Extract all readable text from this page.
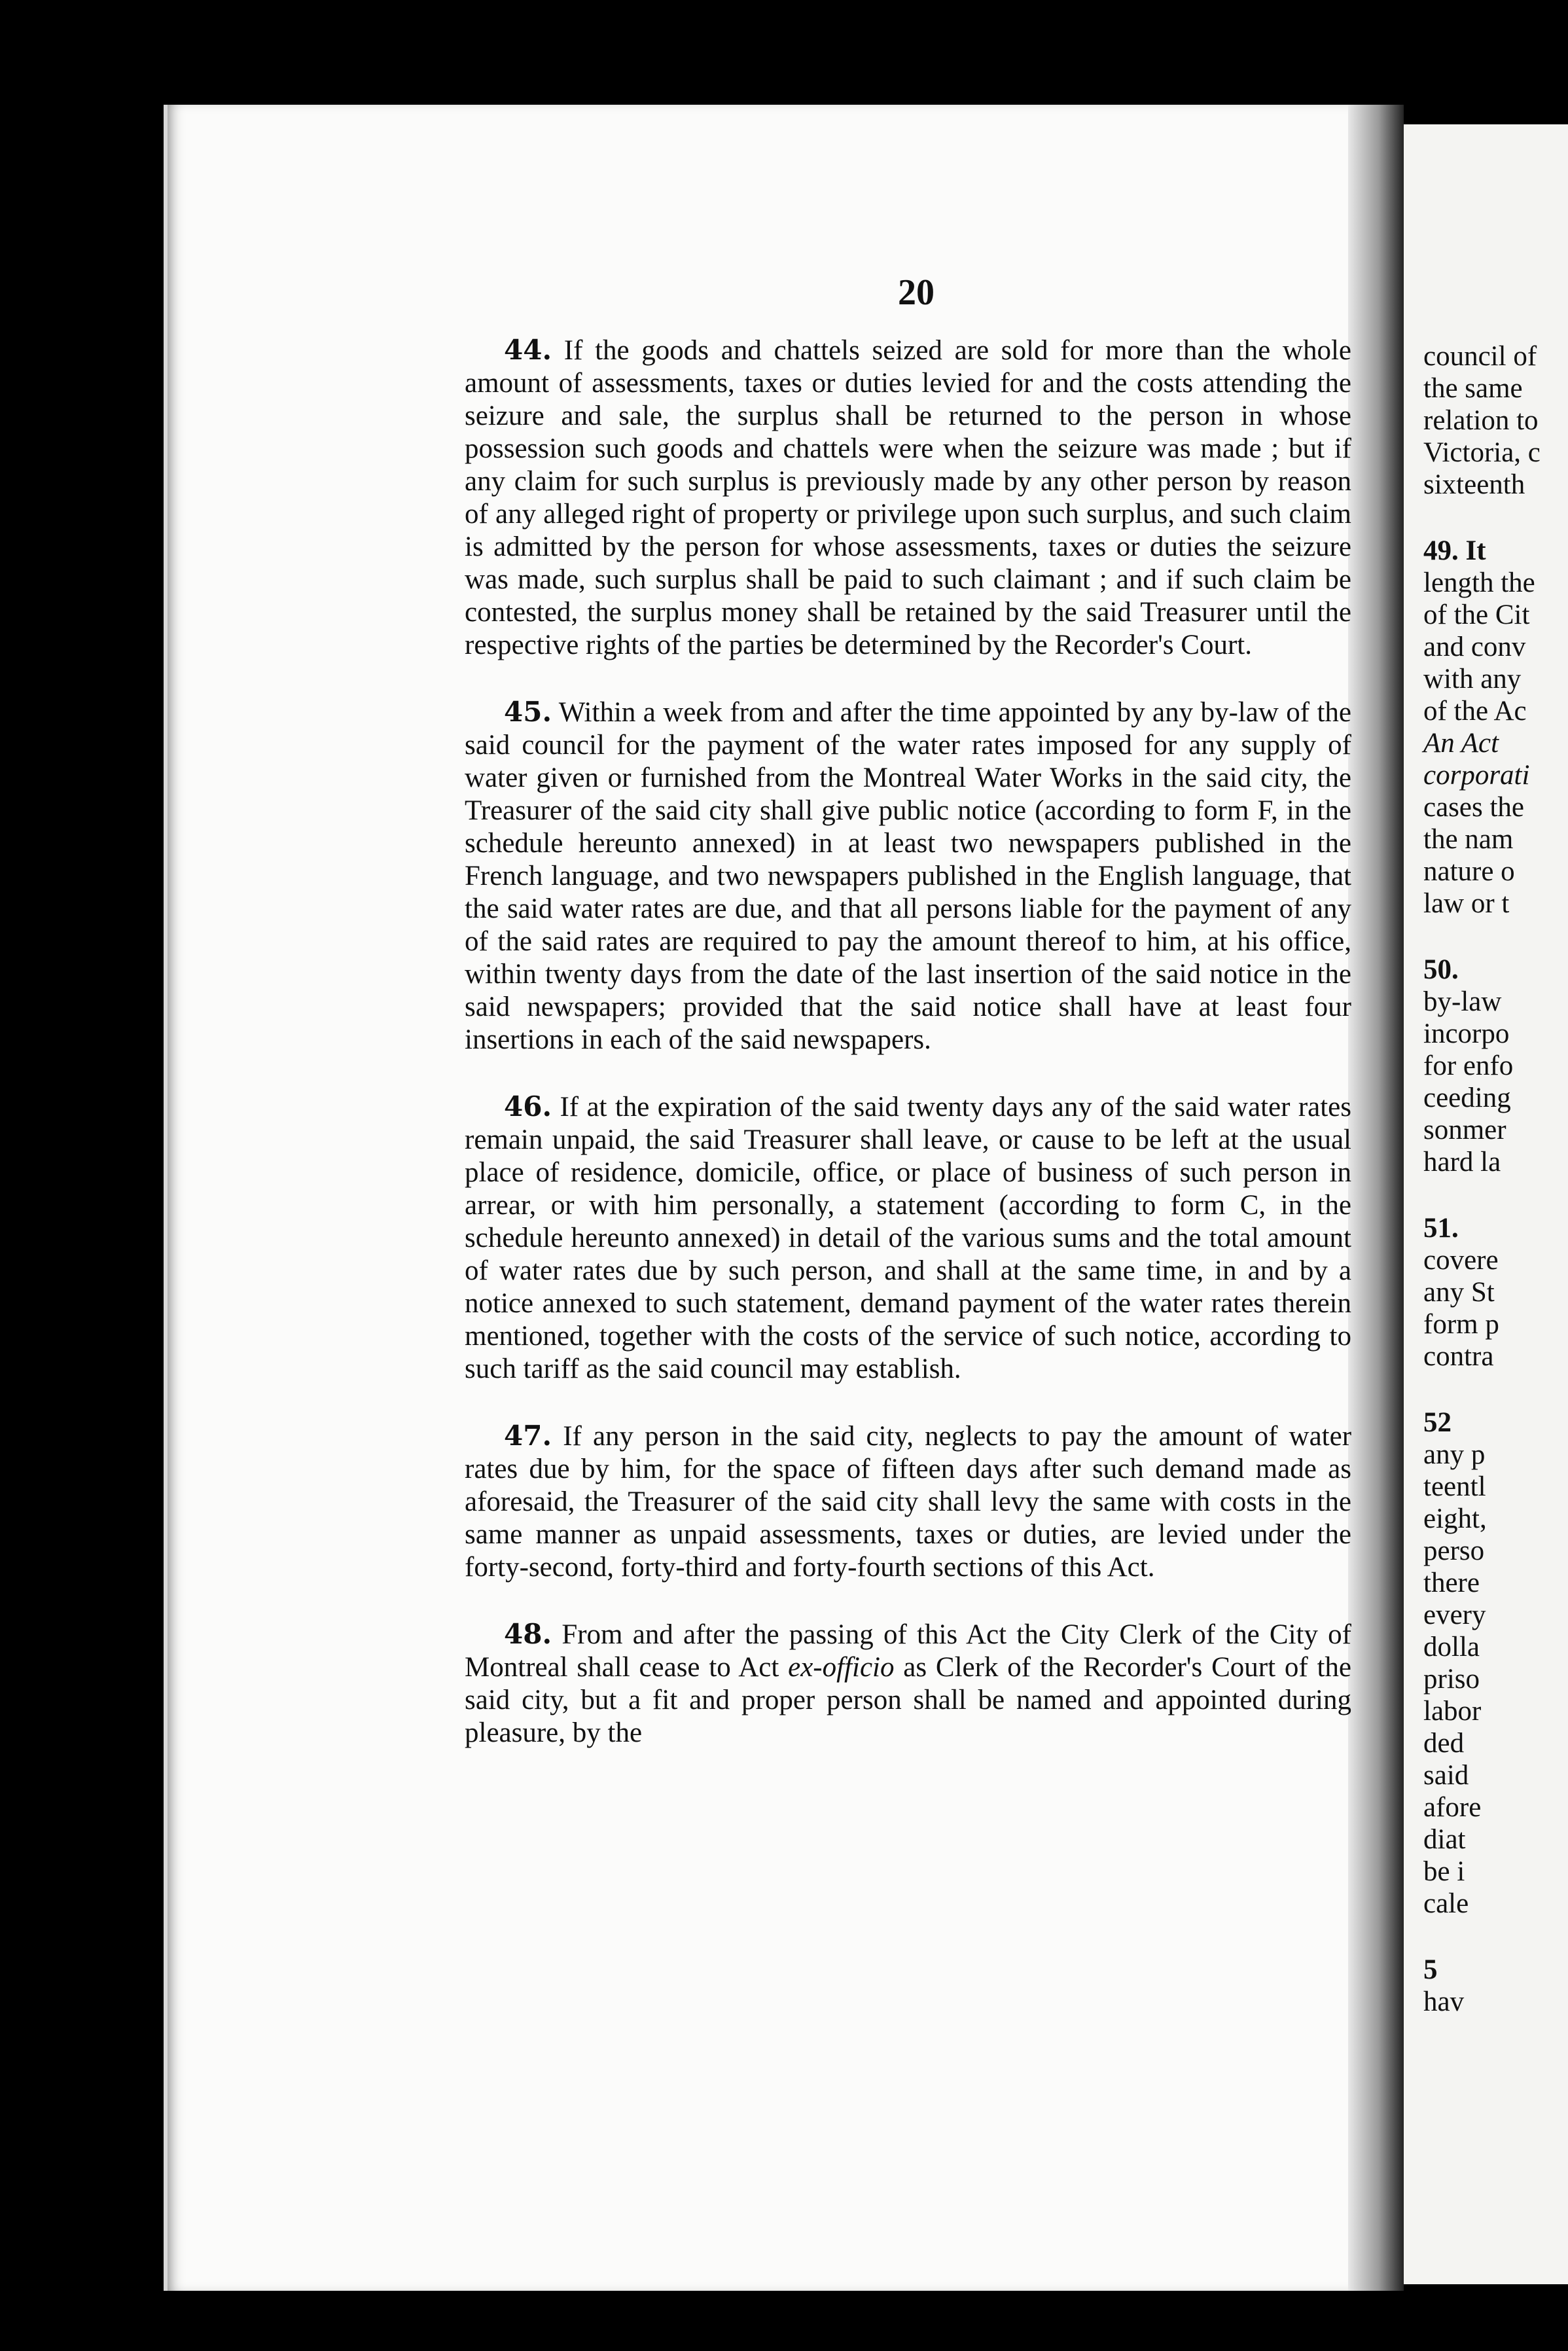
council of
the same
relation to
Victoria, c
sixteenth
49. It
length the
of the Cit
and conv
with any
of the Ac
An Act
corporati
cases the
the nam
nature o
law or t
50.
by-law
incorpo
for enfo
ceeding
sonmer
hard la
51.
covere
any St
form p
contra
52
any p
teentl
eight,
perso
there
every
dolla
priso
labor
ded
said
afore
diat
be i
cale
5
hav
20

44. If the goods and chattels seized are sold for more than the whole amount of assessments, taxes or duties levied for and the costs attending the seizure and sale, the surplus shall be returned to the person in whose possession such goods and chattels were when the seizure was made ; but if any claim for such surplus is previously made by any other person by reason of any alleged right of property or privilege upon such surplus, and such claim is admitted by the person for whose assessments, taxes or duties the seizure was made, such surplus shall be paid to such claimant ; and if such claim be contested, the surplus money shall be retained by the said Treasurer until the respective rights of the parties be determined by the Recorder's Court.

45. Within a week from and after the time appointed by any by-law of the said council for the payment of the water rates imposed for any supply of water given or furnished from the Montreal Water Works in the said city, the Treasurer of the said city shall give public notice (according to form F, in the schedule hereunto annexed) in at least two newspapers published in the French language, and two newspapers published in the English language, that the said water rates are due, and that all persons liable for the payment of any of the said rates are required to pay the amount thereof to him, at his office, within twenty days from the date of the last insertion of the said notice in the said newspapers; provided that the said notice shall have at least four insertions in each of the said newspapers.

46. If at the expiration of the said twenty days any of the said water rates remain unpaid, the said Treasurer shall leave, or cause to be left at the usual place of residence, domicile, office, or place of business of such person in arrear, or with him personally, a statement (according to form C, in the schedule hereunto annexed) in detail of the various sums and the total amount of water rates due by such person, and shall at the same time, in and by a notice annexed to such statement, demand payment of the water rates therein mentioned, together with the costs of the service of such notice, according to such tariff as the said council may establish.

47. If any person in the said city, neglects to pay the amount of water rates due by him, for the space of fifteen days after such demand made as aforesaid, the Treasurer of the said city shall levy the same with costs in the same manner as unpaid assessments, taxes or duties, are levied under the forty-second, forty-third and forty-fourth sections of this Act.

48. From and after the passing of this Act the City Clerk of the City of Montreal shall cease to Act ex-officio as Clerk of the Recorder's Court of the said city, but a fit and proper person shall be named and appointed during pleasure, by the
